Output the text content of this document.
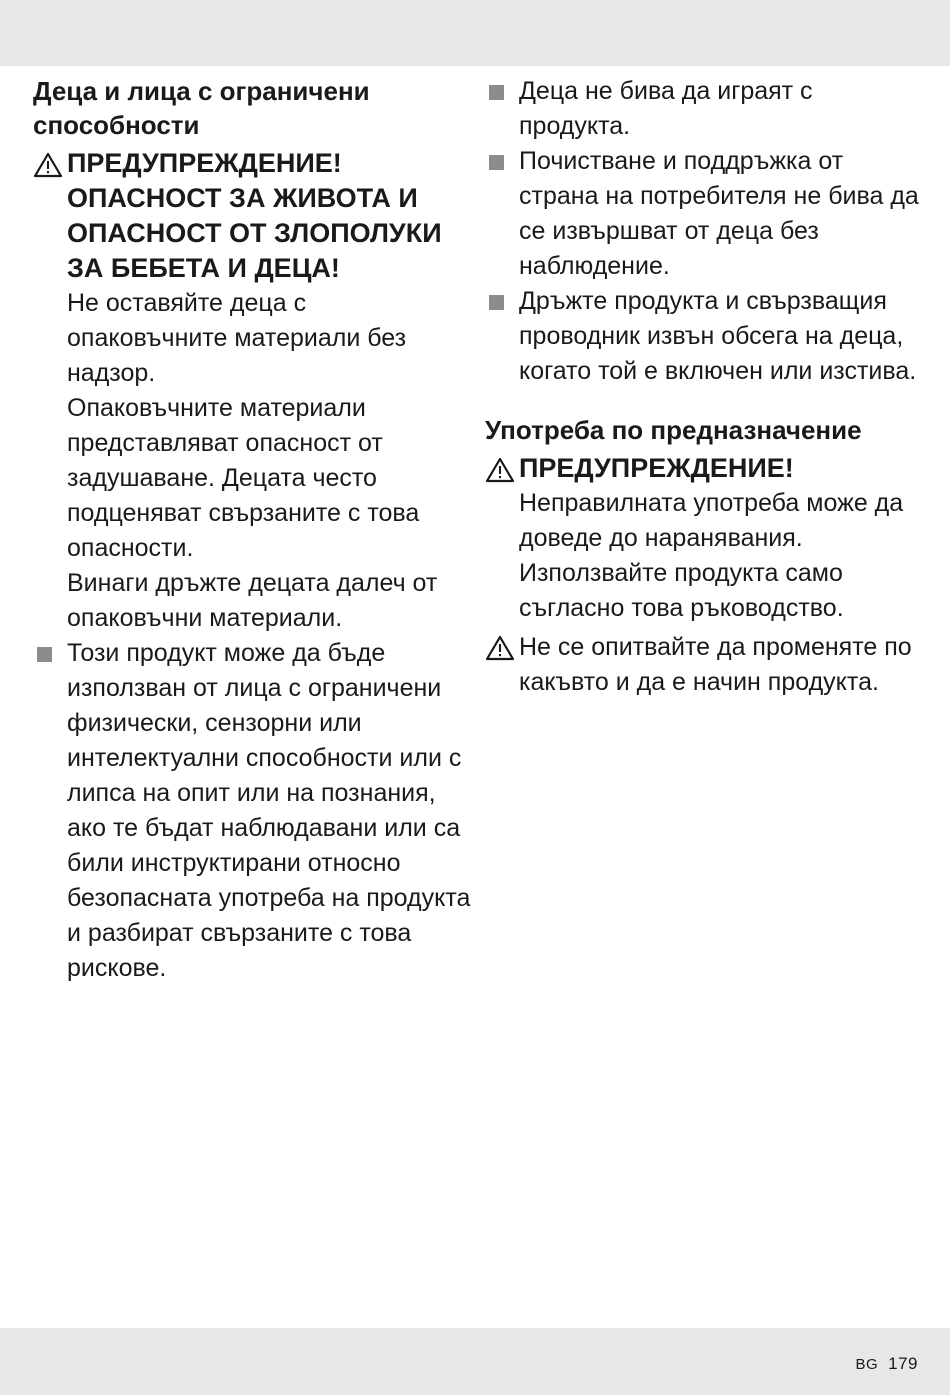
Деца и лица с ограничени способности
ПРЕДУПРЕЖДЕНИЕ! ОПАСНОСТ ЗА ЖИВОТА И ОПАСНОСТ ОТ ЗЛОПОЛУКИ ЗА БЕБЕТА И ДЕЦА!
Не оставяйте деца с опаковъчните материали без надзор.
Опаковъчните материали представляват опасност от задушаване. Децата често подценяват свързаните с това опасности.
Винаги дръжте децата далеч от опаковъчни материали.
Този продукт може да бъде използван от лица с ограничени физически, сензорни или интелектуални способности или с липса на опит или на познания, ако те бъдат наблюдавани или са били инструктирани относно безопасната употреба на продукта и разбират свързаните с това рискове.
Деца не бива да играят с продукта.
Почистване и поддръжка от страна на потребителя не бива да се извършват от деца без наблюдение.
Дръжте продукта и свързващия проводник извън обсега на деца, когато той е включен или изстива.
Употреба по предназначение
ПРЕДУПРЕЖДЕНИЕ!
Неправилната употреба може да доведе до наранявания. Използвайте продукта само съгласно това ръководство.
Не се опитвайте да променяте по какъвто и да е начин продукта.
BG 179
